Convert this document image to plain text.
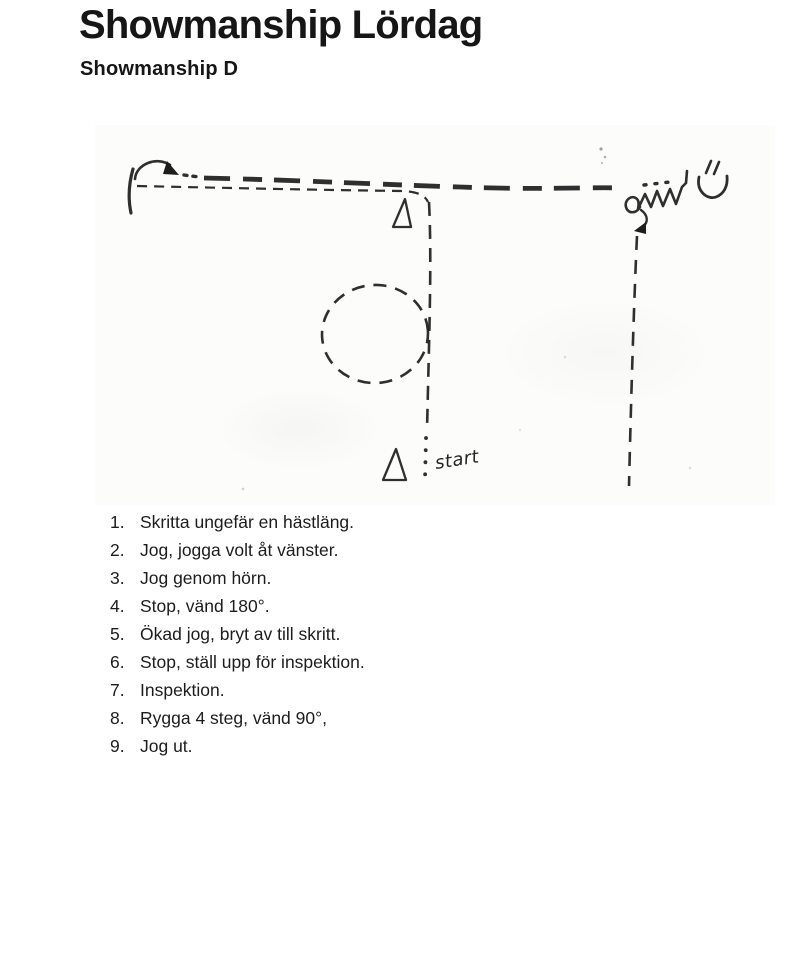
Showmanship Lördag
Showmanship D
start
1. Skritta ungefär en hästläng.
2. Jog, jogga volt åt vänster.
3. Jog genom hörn.
4. Stop, vänd 180°.
5. Ökad jog, bryt av till skritt.
6. Stop, ställ upp för inspektion.
7. Inspektion.
8. Rygga 4 steg, vänd 90°,
9. Jog ut.
